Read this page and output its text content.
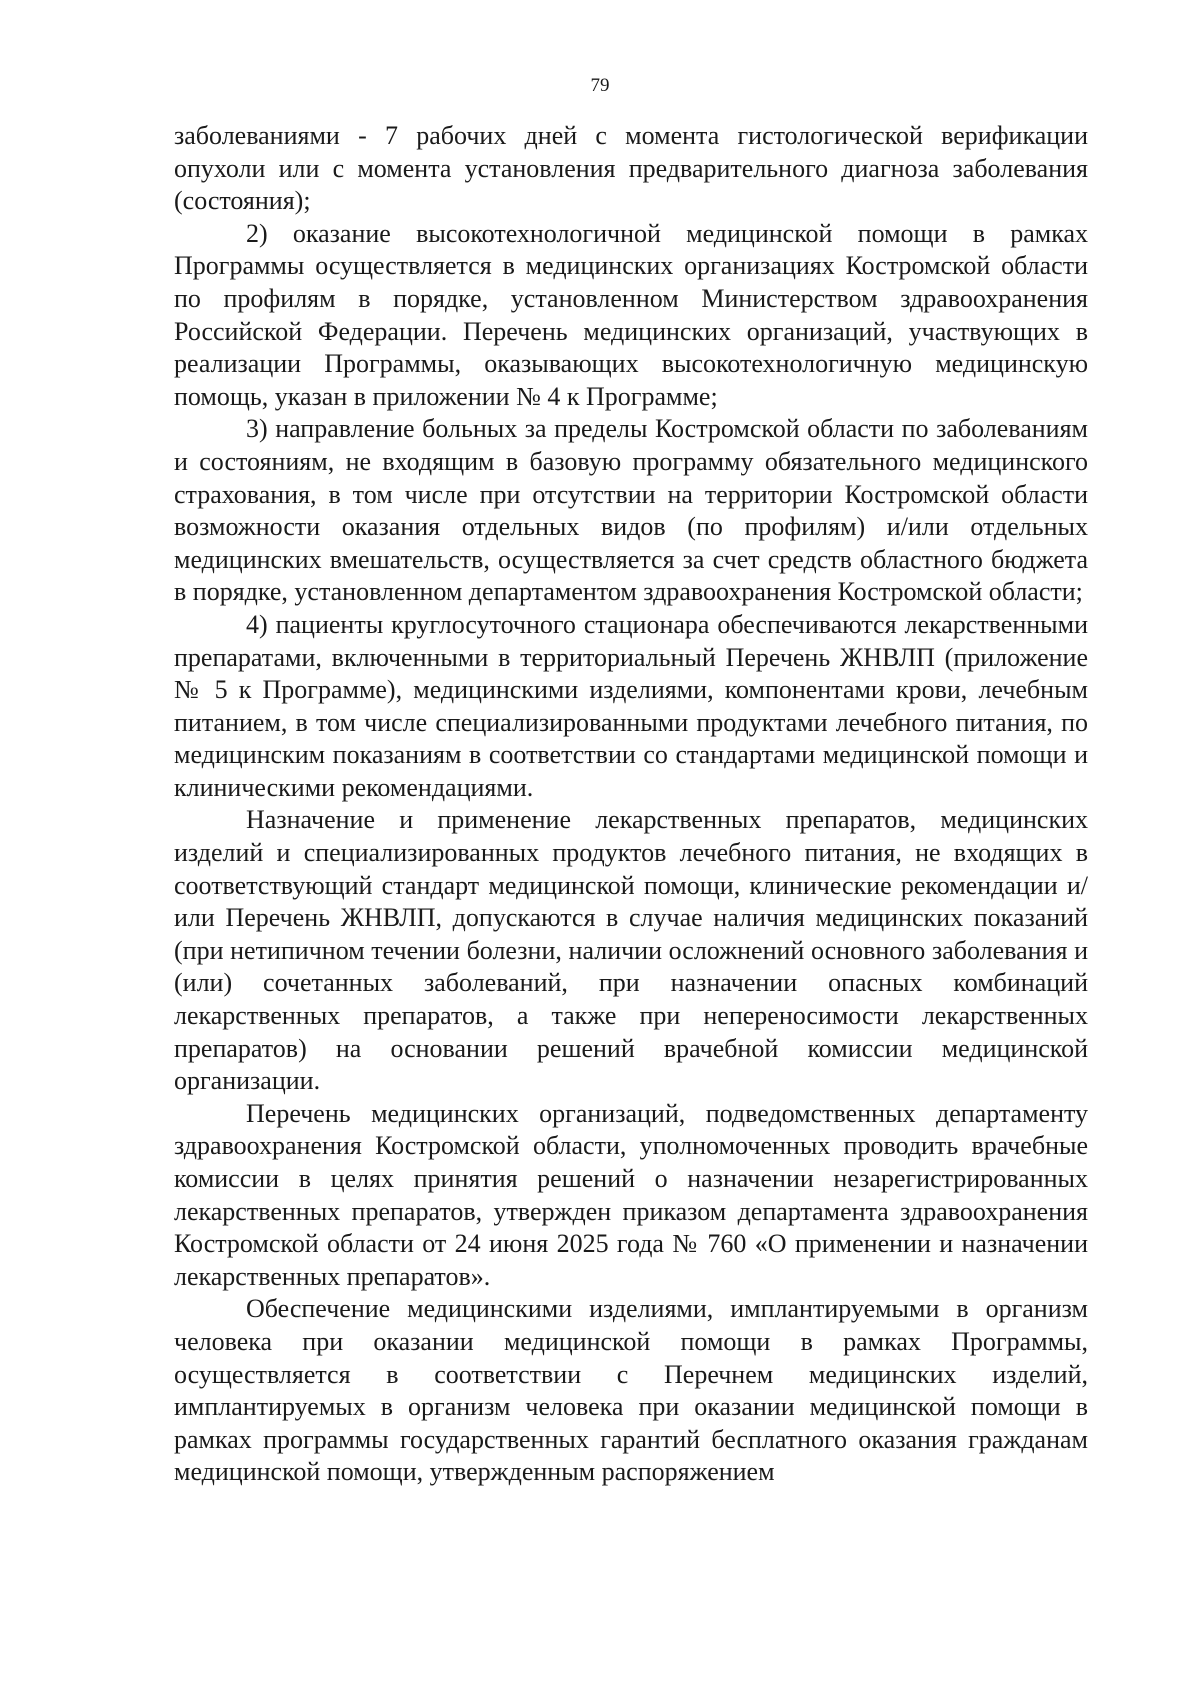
79

заболеваниями - 7 рабочих дней с момента гистологической верификации опухоли или с момента установления предварительного диагноза заболевания (состояния);

2) оказание высокотехнологичной медицинской помощи в рамках Программы осуществляется в медицинских организациях Костромской области по профилям в порядке, установленном Министерством здравоохранения Российской Федерации. Перечень медицинских организаций, участвующих в реализации Программы, оказывающих высокотехнологичную медицинскую помощь, указан в приложении № 4 к Программе;

3) направление больных за пределы Костромской области по заболеваниям и состояниям, не входящим в базовую программу обязательного медицинского страхования, в том числе при отсутствии на территории Костромской области возможности оказания отдельных видов (по профилям) и/или отдельных медицинских вмешательств, осуществляется за счет средств областного бюджета в порядке, установленном департаментом здравоохранения Костромской области;

4) пациенты круглосуточного стационара обеспечиваются лекарственными препаратами, включенными в территориальный Перечень ЖНВЛП (приложение № 5 к Программе), медицинскими изделиями, компонентами крови, лечебным питанием, в том числе специализированными продуктами лечебного питания, по медицинским показаниям в соответствии со стандартами медицинской помощи и клиническими рекомендациями.

Назначение и применение лекарственных препаратов, медицинских изделий и специализированных продуктов лечебного питания, не входящих в соответствующий стандарт медицинской помощи, клинические рекомендации и/или Перечень ЖНВЛП, допускаются в случае наличия медицинских показаний (при нетипичном течении болезни, наличии осложнений основного заболевания и (или) сочетанных заболеваний, при назначении опасных комбинаций лекарственных препаратов, а также при непереносимости лекарственных препаратов) на основании решений врачебной комиссии медицинской организации.

Перечень медицинских организаций, подведомственных департаменту здравоохранения Костромской области, уполномоченных проводить врачебные комиссии в целях принятия решений о назначении незарегистрированных лекарственных препаратов, утвержден приказом департамента здравоохранения Костромской области от 24 июня 2025 года № 760 «О применении и назначении лекарственных препаратов».

Обеспечение медицинскими изделиями, имплантируемыми в организм человека при оказании медицинской помощи в рамках Программы, осуществляется в соответствии с Перечнем медицинских изделий, имплантируемых в организм человека при оказании медицинской помощи в рамках программы государственных гарантий бесплатного оказания гражданам медицинской помощи, утвержденным распоряжением
